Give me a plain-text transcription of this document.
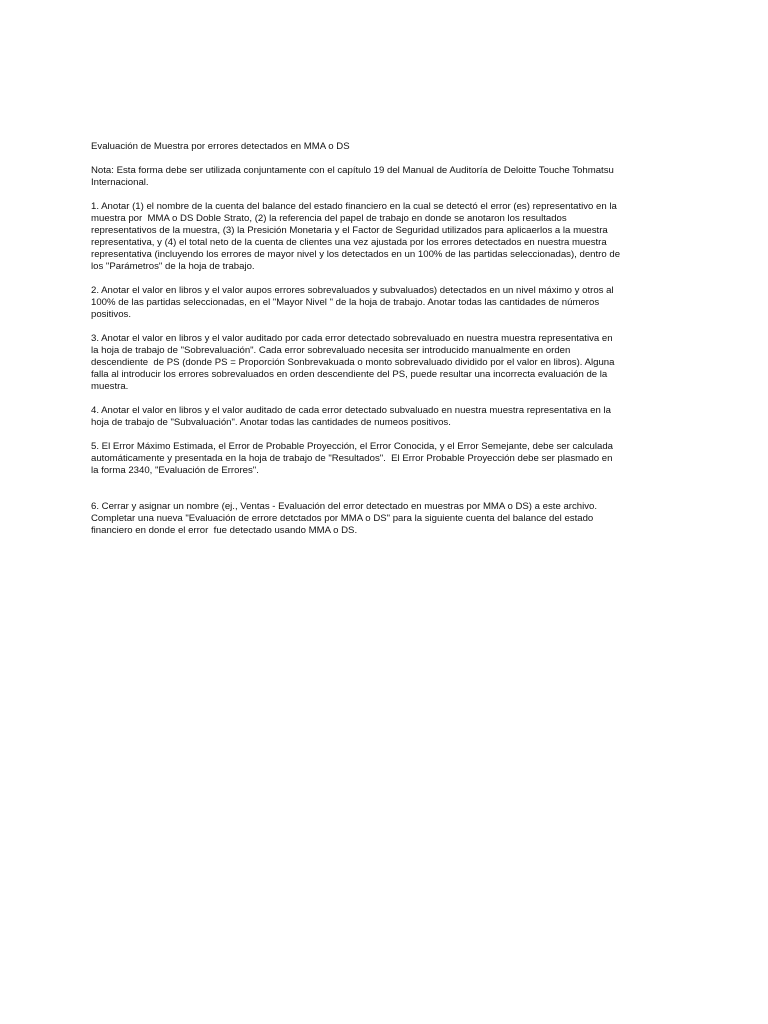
Evaluación de Muestra por errores detectados en MMA o DS

Nota: Esta forma debe ser utilizada conjuntamente con el capítulo 19 del Manual de Auditoría de Deloitte Touche Tohmatsu
Internacional.

1. Anotar (1) el nombre de la cuenta del balance del estado financiero en la cual se detectó el error (es) representativo en la
muestra por  MMA o DS Doble Strato, (2) la referencia del papel de trabajo en donde se anotaron los resultados
representativos de la muestra, (3) la Presición Monetaria y el Factor de Seguridad utilizados para aplicaerlos a la muestra
representativa, y (4) el total neto de la cuenta de clientes una vez ajustada por los errores detectados en nuestra muestra
representativa (incluyendo los errores de mayor nivel y los detectados en un 100% de las partidas seleccionadas), dentro de
los "Parámetros" de la hoja de trabajo.

2. Anotar el valor en libros y el valor aupos errores sobrevaluados y subvaluados) detectados en un nivel máximo y otros al
100% de las partidas seleccionadas, en el "Mayor Nivel " de la hoja de trabajo. Anotar todas las cantidades de números
positivos.

3. Anotar el valor en libros y el valor auditado por cada error detectado sobrevaluado en nuestra muestra representativa en
la hoja de trabajo de "Sobrevaluación". Cada error sobrevaluado necesita ser introducido manualmente en orden
descendiente  de PS (donde PS = Proporción Sonbrevakuada o monto sobrevaluado dividido por el valor en libros). Alguna
falla al introducir los errores sobrevaluados en orden descendiente del PS, puede resultar una incorrecta evaluación de la
muestra.

4. Anotar el valor en libros y el valor auditado de cada error detectado subvaluado en nuestra muestra representativa en la
hoja de trabajo de "Subvaluación". Anotar todas las cantidades de numeos positivos.

5. El Error Máximo Estimada, el Error de Probable Proyección, el Error Conocida, y el Error Semejante, debe ser calculada
automáticamente y presentada en la hoja de trabajo de "Resultados".  El Error Probable Proyección debe ser plasmado en
la forma 2340, "Evaluación de Errores".

6. Cerrar y asignar un nombre (ej., Ventas - Evaluación del error detectado en muestras por MMA o DS) a este archivo.
Completar una nueva "Evaluación de errore detctados por MMA o DS" para la siguiente cuenta del balance del estado
financiero en donde el error  fue detectado usando MMA o DS.
